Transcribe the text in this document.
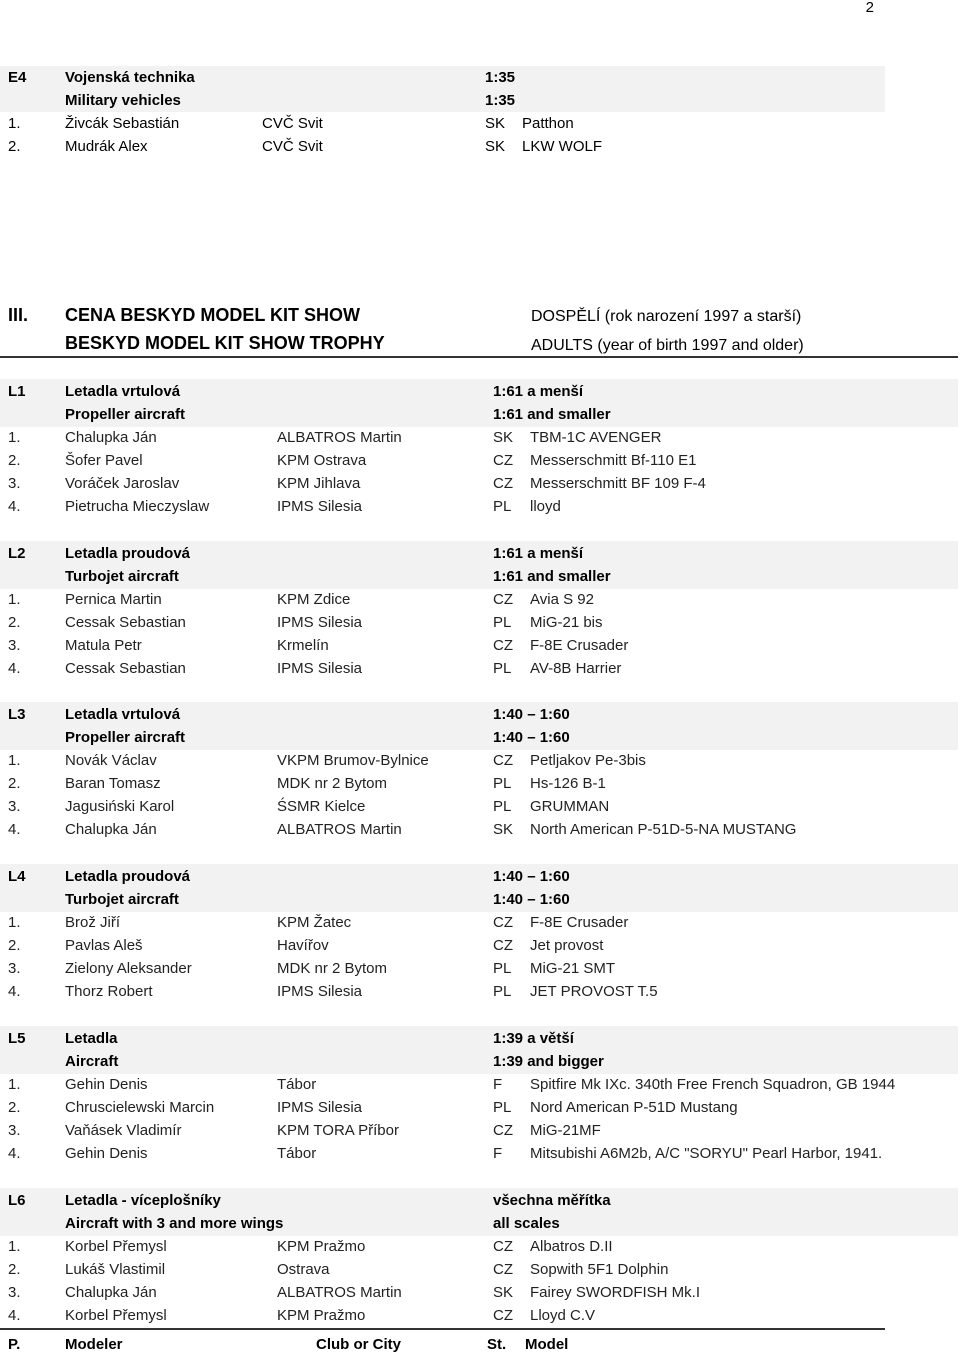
2
E4	Vojenská technika	1:35
Military vehicles	1:35
1.	Živcák Sebastián	CVČ Svit	SK Patthon
2.	Mudrák Alex	CVČ Svit	SK LKW WOLF
III. CENA BESKYD MODEL KIT SHOW
BESKYD MODEL KIT SHOW TROPHY
DOSPĚLÍ (rok narození 1997 a starší)
ADULTS (year of birth 1997 and older)
L1	Letadla vrtulová	1:61 a menší
Propeller aircraft	1:61 and smaller
1.	Chalupka Ján	ALBATROS Martin	SK TBM-1C AVENGER
2.	Šofer Pavel	KPM Ostrava	CZ Messerschmitt Bf-110 E1
3.	Voráček Jaroslav	KPM Jihlava	CZ Messerschmitt BF 109 F-4
4.	Pietrucha Mieczyslaw	IPMS Silesia	PL lloyd
L2	Letadla proudová	1:61 a menší
Turbojet aircraft	1:61 and smaller
1.	Pernica Martin	KPM Zdice	CZ Avia S 92
2.	Cessak Sebastian	IPMS Silesia	PL MiG-21 bis
3.	Matula Petr	Krmelín	CZ F-8E Crusader
4.	Cessak Sebastian	IPMS Silesia	PL AV-8B Harrier
L3	Letadla vrtulová	1:40 – 1:60
Propeller aircraft	1:40 – 1:60
1.	Novák Václav	VKPM Brumov-Bylnice	CZ Petljakov Pe-3bis
2.	Baran Tomasz	MDK nr 2 Bytom	PL Hs-126 B-1
3.	Jagusiński Karol	ŚSMR Kielce	PL GRUMMAN
4.	Chalupka Ján	ALBATROS Martin	SK North American P-51D-5-NA MUSTANG
L4	Letadla proudová	1:40 – 1:60
Turbojet aircraft	1:40 – 1:60
1.	Brož Jiří	KPM Žatec	CZ F-8E Crusader
2.	Pavlas Aleš	Havířov	CZ Jet provost
3.	Zielony Aleksander	MDK nr 2 Bytom	PL MiG-21 SMT
4.	Thorz Robert	IPMS Silesia	PL JET PROVOST T.5
L5	Letadla	1:39 a větší
Aircraft	1:39 and bigger
1.	Gehin Denis	Tábor	F Spitfire Mk IXc. 340th Free French Squadron, GB 1944
2.	Chruscielewski Marcin	IPMS Silesia	PL Nord American P-51D Mustang
3.	Vaňásek Vladimír	KPM TORA Příbor	CZ MiG-21MF
4.	Gehin Denis	Tábor	F Mitsubishi A6M2b, A/C "SORYU" Pearl Harbor, 1941.
L6	Letadla - víceplošníky	všechna měřítka
Aircraft with 3 and more wings	all scales
1.	Korbel Přemysl	KPM Pražmo	CZ Albatros D.II
2.	Lukáš Vlastimil	Ostrava	CZ Sopwith 5F1 Dolphin
3.	Chalupka Ján	ALBATROS Martin	SK Fairey SWORDFISH Mk.I
4.	Korbel Přemysl	KPM Pražmo	CZ Lloyd C.V
P.	Modeler	Club or City	St. Model
